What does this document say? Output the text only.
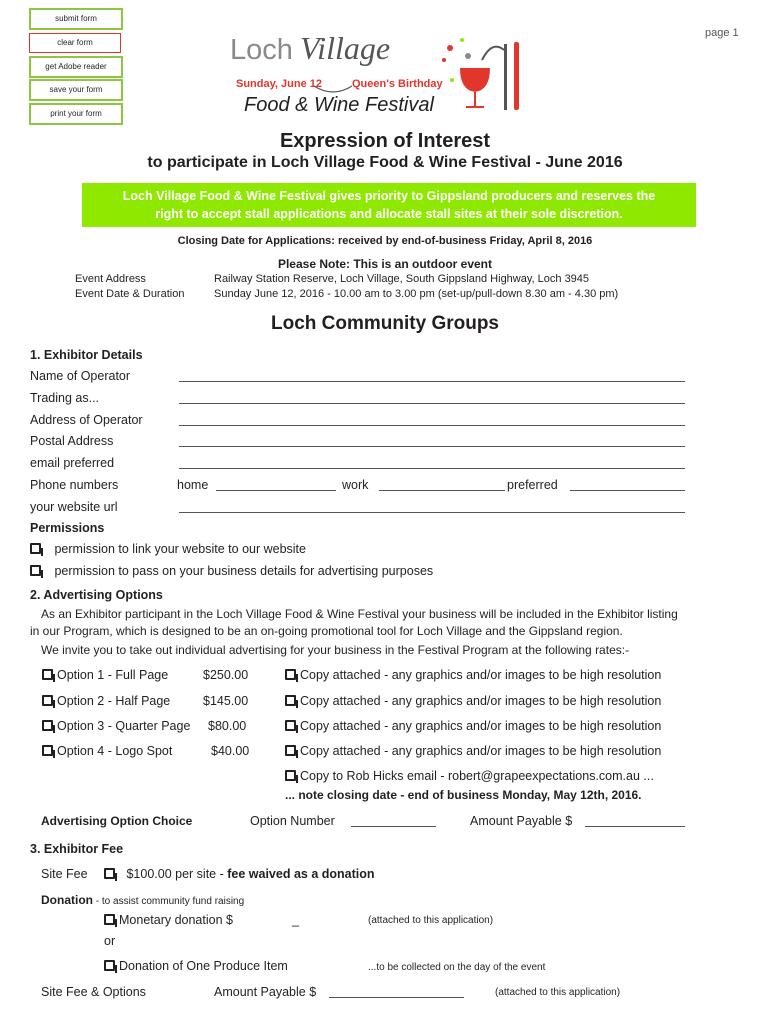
submit form
clear form
get Adobe reader
save your form
print your form
page 1
Loch Village
Sunday, June 12	Queen's Birthday
Food & Wine Festival
Expression of Interest
to participate in Loch Village Food & Wine Festival - June 2016
Loch Village Food & Wine Festival gives priority to Gippsland producers and reserves the
right to accept stall applications and allocate stall sites at their sole discretion.
Closing Date for Applications: received by end-of-business Friday, April 8, 2016
Please Note: This is an outdoor event
Event Address	Railway Station Reserve, Loch Village, South Gippsland Highway, Loch 3945
Event Date & Duration	Sunday June 12, 2016 - 10.00 am to 3.00 pm (set-up/pull-down 8.30 am - 4.30 pm)
Loch Community Groups
1. Exhibitor Details
Name of Operator
Trading as...
Address of Operator
Postal Address
email preferred
Phone numbers	home	work	preferred
your website url
Permissions
permission to link your website to our website
permission to pass on your business details for advertising purposes
2. Advertising Options
As an Exhibitor participant in the Loch Village Food & Wine Festival your business will be included in the Exhibitor listing
in our Program, which is designed to be an on-going promotional tool for Loch Village and the Gippsland region.
We invite you to take out individual advertising for your business in the Festival Program at the following rates:-
Option 1 - Full Page	$250.00	Copy attached - any graphics and/or images to be high resolution
Option 2 - Half Page	$145.00	Copy attached - any graphics and/or images to be high resolution
Option 3 - Quarter Page $80.00	Copy attached - any graphics and/or images to be high resolution
Option 4 - Logo Spot	$40.00	Copy attached - any graphics and/or images to be high resolution
Copy to Rob Hicks email - robert@grapeexpectations.com.au ...
... note closing date - end of business Monday, May 12th, 2016.
Advertising Option Choice	Option Number	Amount Payable $
3. Exhibitor Fee
Site Fee	$100.00 per site - fee waived as a donation
Donation - to assist community fund raising
Monetary donation $	_	(attached to this application)
or
Donation of One Produce Item	...to be collected on the day of the event
Site Fee & Options	Amount Payable $	(attached to this application)
